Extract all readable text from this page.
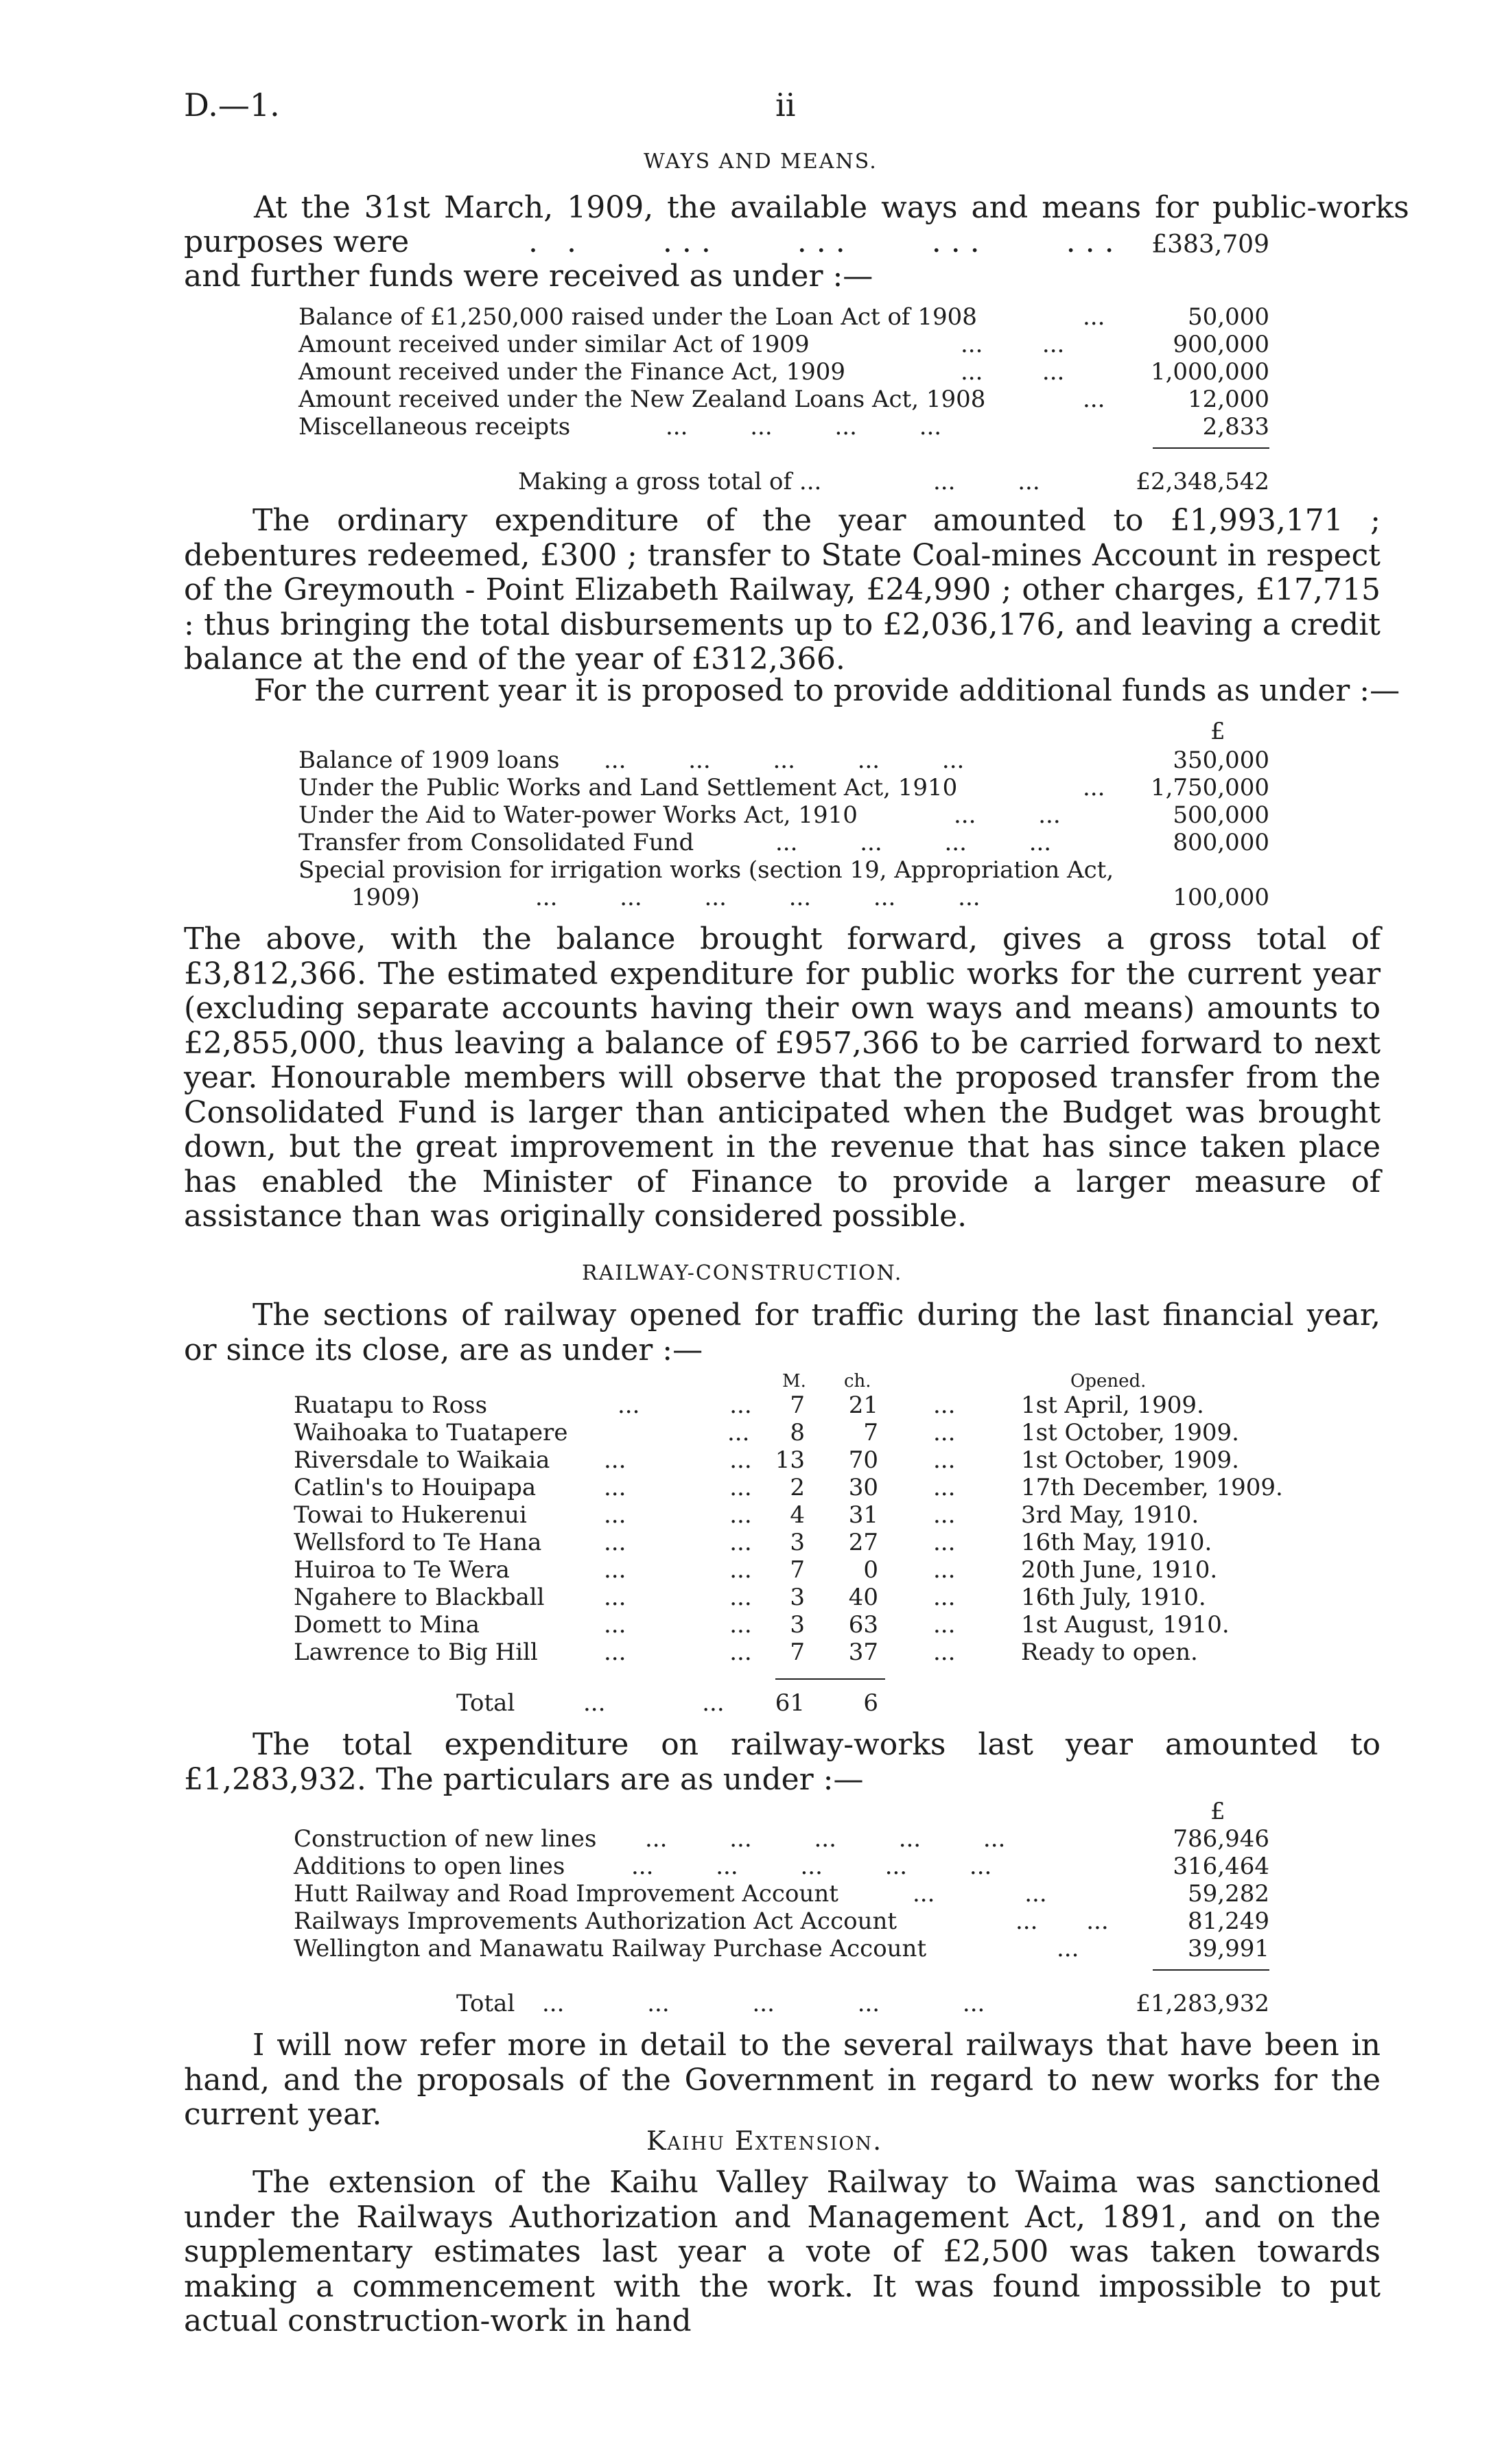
D.—1.	ii
WAYS AND MEANS.
At the 31st March, 1909, the available ways and means for public-works
purposes were	. .    ...    ...    ...    ... £383,709
and further funds were received as under :—
Balance of £1,250,000 raised under the Loan Act of 1908	...	50,000
Amount received under similar Act of 1909	...        ...	900,000
Amount received under the Finance Act, 1909	...        ...	1,000,000
Amount received under the New Zealand Loans Act, 1908	...	12,000
Miscellaneous receipts	... ... ... ...	2,833
Making a gross total of ...	... ...	£2,348,542
The ordinary expenditure of the year amounted to £1,993,171 ; debentures redeemed, £300 ; transfer to State Coal-mines Account in respect of the Greymouth - Point Elizabeth Railway, £24,990 ; other charges, £17,715 : thus bringing the total disbursements up to £2,036,176, and leaving a credit balance at the end of the year of £312,366.
For the current year it is proposed to provide additional funds as under :—
£
Balance of 1909 loans ... ... ... ... ...	350,000
Under the Public Works and Land Settlement Act, 1910	... 1,750,000
Under the Aid to Water-power Works Act, 1910	... ...	500,000
Transfer from Consolidated Fund	... ... ... ...	800,000
Special provision for irrigation works (section 19, Appropriation Act,
1909)	... ... ... ... ... ...	100,000
The above, with the balance brought forward, gives a gross total of £3,812,366. The estimated expenditure for public works for the current year (excluding separate accounts having their own ways and means) amounts to £2,855,000, thus leaving a balance of £957,366 to be carried forward to next year. Honourable members will observe that the proposed transfer from the Consolidated Fund is larger than anticipated when the Budget was brought down, but the great improvement in the revenue that has since taken place has enabled the Minister of Finance to provide a larger measure of assistance than was originally considered possible.
RAILWAY-CONSTRUCTION.
The sections of railway opened for traffic during the last financial year, or since its close, are as under :—
M. ch.	Opened.
Ruatapu to Ross	... ... 7 21 ...	1st April, 1909.
Waihoaka to Tuatapere	... 8	7 ...	1st October, 1909.
Riversdale to Waikaia ... ... 13 70 ...	1st October, 1909.
Catlin's to Houipapa	... ... 2 30 ...	17th December, 1909.
Towai to Hukerenui	... ... 4 31 ...	3rd May, 1910.
Wellsford to Te Hana	... ... 3 27 ...	16th May, 1910.
Huiroa to Te Wera	... ... 7	0 ...	20th June, 1910.
Ngahere to Blackball	... ... 3 40 ...	16th July, 1910.
Domett to Mina	... ... 3 63 ...	1st August, 1910.
Lawrence to Big Hill	... ... 7 37 ...	Ready to open.
Total	... ... 61	6
The total expenditure on railway-works last year amounted to £1,283,932. The particulars are as under :—
£
Construction of new lines ... ... ... ... ...	786,946
Additions to open lines	... ... ... ... ...	316,464
Hutt Railway and Road Improvement Account	... ...	59,282
Railways Improvements Authorization Act Account	... ...	81,249
Wellington and Manawatu Railway Purchase Account	...	39,991
Total ... ... ... ... ...	£1,283,932
I will now refer more in detail to the several railways that have been in hand, and the proposals of the Government in regard to new works for the current year.
Kaihu Extension.
The extension of the Kaihu Valley Railway to Waima was sanctioned under the Railways Authorization and Management Act, 1891, and on the supplementary estimates last year a vote of £2,500 was taken towards making a commencement with the work. It was found impossible to put actual construction-work in hand
